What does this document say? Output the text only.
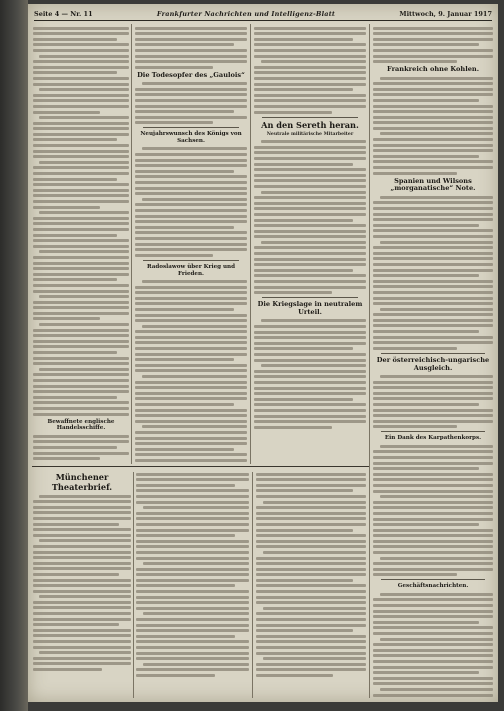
Seite 4 — Nr. 11	Frankfurter Nachrichten und Intelligenz-Blatt	Mittwoch, 9. Januar 1917
Bewaffnete englische Handelsschiffe.
Die Todesopfer des „Gaulois“
Neujahrswunsch des Königs von Sachsen.
Radoslawow über Krieg und Frieden.
An den Sereth heran.
Neutrale militärische Mitarbeiter
Die Kriegslage in neutralem Urteil.
Frankreich ohne Kohlen.
Spanien und Wilsons „morganatische“ Note.
Der österreichisch-ungarische Ausgleich.
Ein Dank des Karpathenkorps.
Geschäftsnachrichten.
Münchener Theaterbrief.
